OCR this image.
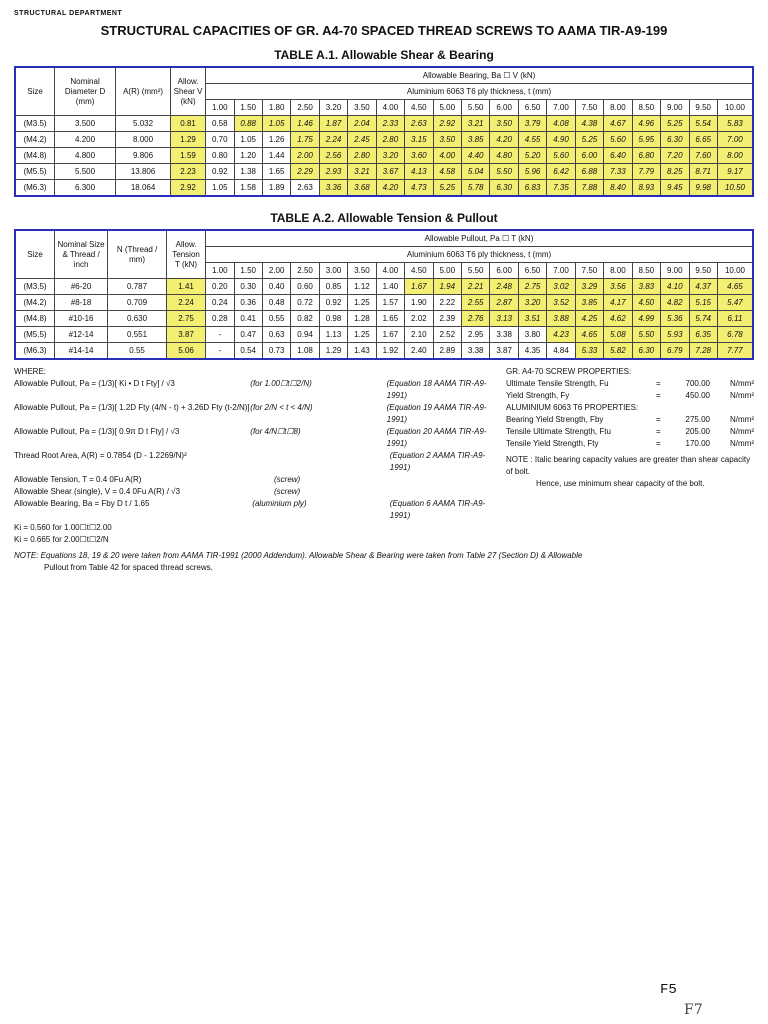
STRUCTURAL DEPARTMENT
STRUCTURAL CAPACITIES OF GR. A4-70 SPACED THREAD SCREWS TO AAMA TIR-A9-199
TABLE A.1. Allowable Shear & Bearing
Size	Nominal Diameter D (mm)	A(R) (mm²)	Allow. Shear V (kN)	Allowable Bearing, Ba ☐ V (kN)																		
				Aluminium 6063 T6 ply thickness, t (mm)																		
				1.00	1.50	1.80	2.50	3.20	3.50	4.00	4.50	5.00	5.50	6.00	6.50	7.00	7.50	8.00	8.50	9.00	9.50	10.00
(M3.5)	3.500	5.032	0.81	0.58	0.88	1.05	1.46	1.87	2.04	2.33	2.63	2.92	3.21	3.50	3.79	4.08	4.38	4.67	4.96	5.25	5.54	5.83
(M4.2)	4.200	8.000	1.29	0.70	1.05	1.26	1.75	2.24	2.45	2.80	3.15	3.50	3.85	4.20	4.55	4.90	5.25	5.60	5.95	6.30	6.65	7.00
(M4.8)	4.800	9.806	1.59	0.80	1.20	1.44	2.00	2.56	2.80	3.20	3.60	4.00	4.40	4.80	5.20	5.60	6.00	6.40	6.80	7.20	7.60	8.00
(M5.5)	5.500	13.806	2.23	0.92	1.38	1.65	2.29	2.93	3.21	3.67	4.13	4.58	5.04	5.50	5.96	6.42	6.88	7.33	7.79	8.25	8.71	9.17
(M6.3)	6.300	18.064	2.92	1.05	1.58	1.89	2.63	3.36	3.68	4.20	4.73	5.25	5.78	6.30	6.83	7.35	7.88	8.40	8.93	9.45	9.98	10.50
TABLE A.2. Allowable Tension & Pullout
Size	Nominal Size & Thread / inch	N (Thread / mm)	Allow. Tension T (kN)	Allowable Pullout, Pa ☐ T (kN)																		
				Aluminium 6063 T6 ply thickness, t (mm)																		
				1.00	1.50	2.00	2.50	3.00	3.50	4.00	4.50	5.00	5.50	6.00	6.50	7.00	7.50	8.00	8.50	9.00	9.50	10.00
(M3.5)	#6-20	0.787	1.41	0.20	0.30	0.40	0.60	0.85	1.12	1.40	1.67	1.94	2.21	2.48	2.75	3.02	3.29	3.56	3.83	4.10	4.37	4.65
(M4.2)	#8-18	0.709	2.24	0.24	0.36	0.48	0.72	0.92	1.25	1.57	1.90	2.22	2.55	2.87	3.20	3.52	3.85	4.17	4.50	4.82	5.15	5.47
(M4.8)	#10-16	0.630	2.75	0.28	0.41	0.55	0.82	0.98	1.28	1.65	2.02	2.39	2.76	3.13	3.51	3.88	4.25	4.62	4.99	5.36	5.74	6.11
(M5.5)	#12-14	0.551	3.87	-	0.47	0.63	0.94	1.13	1.25	1.67	2.10	2.52	2.95	3.38	3.80	4.23	4.65	5.08	5.50	5.93	6.35	6.78
(M6.3)	#14-14	0.55	5.06	-	0.54	0.73	1.08	1.29	1.43	1.92	2.40	2.89	3.38	3.87	4.35	4.84	5.33	5.82	6.30	6.79	7.28	7.77
WHERE:
Allowable Pullout, Pa = (1/3)[ Ki • D t Fty] / √3	(for 1.00☐t☐2/N)	(Equation 18 AAMA TIR-A9-1991)
Allowable Pullout, Pa = (1/3)[ 1.2D Fty (4/N - t) + 3.26D Fty (t-2/N)] (for 2/N < t < 4/N)	(Equation 19 AAMA TIR-A9-1991)
Allowable Pullout, Pa = (1/3)[ 0.9π D t Fty] / √3	(for 4/N☐t☐8)	(Equation 20 AAMA TIR-A9-1991)
Thread Root Area, A(R) = 0.7854 (D - 1.2269/N)²	(Equation 2 AAMA TIR-A9-1991)
Allowable Tension, T = 0.4 0Fu A(R)	(screw)
Allowable Shear (single), V = 0.4 0Fu A(R) / √3	(screw)
Allowable Bearing, Ba = Fby D t / 1.65	(aluminium ply)	(Equation 6 AAMA TIR-A9-1991)
Ki = 0.560 for 1.00☐t☐2.00
Ki = 0.665 for 2.00☐t☐2/N
GR. A4-70 SCREW PROPERTIES:
Ultimate Tensile Strength, Fu	=	700.00	N/mm²
Yield Strength, Fy	=	450.00	N/mm²
ALUMINIUM 6063 T6 PROPERTIES:
Bearing Yield Strength, Fby	=	275.00	N/mm²
Tensile Ultimate Strength, Ftu	=	205.00	N/mm²
Tensile Yield Strength, Fty	=	170.00	N/mm²
NOTE : Italic bearing capacity values are greater than shear capacity of bolt.
Hence, use minimum shear capacity of the bolt.
NOTE: Equations 18, 19 & 20 were taken from AAMA TIR-1991 (2000 Addendum). Allowable Shear & Bearing were taken from Table 27 (Section D) & Allowable
Pullout from Table 42 for spaced thread screws.
F5
F7
